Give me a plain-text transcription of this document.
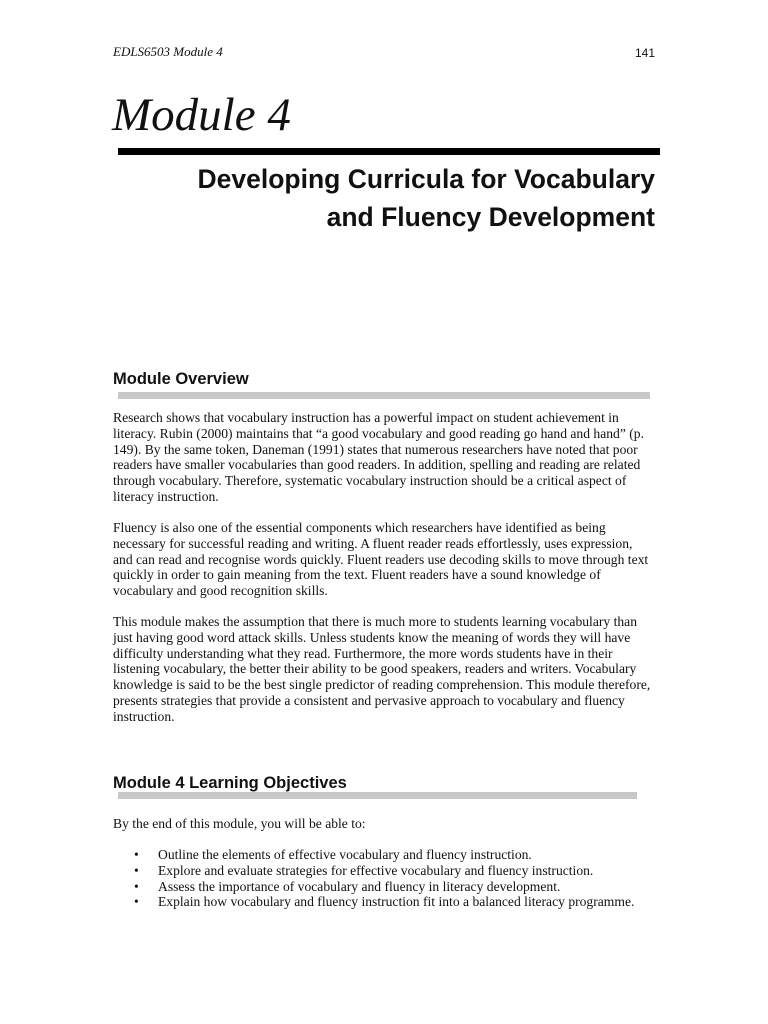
EDLS6503 Module 4	141
Module 4
Developing Curricula for Vocabulary
and Fluency Development
Module Overview

Research shows that vocabulary instruction has a powerful impact on student achievement in literacy. Rubin (2000) maintains that “a good vocabulary and good reading go hand and hand” (p. 149). By the same token, Daneman (1991) states that numerous researchers have noted that poor readers have smaller vocabularies than good readers. In addition, spelling and reading are related through vocabulary. Therefore, systematic vocabulary instruction should be a critical aspect of literacy instruction.

Fluency is also one of the essential components which researchers have identified as being necessary for successful reading and writing. A fluent reader reads effortlessly, uses expression, and can read and recognise words quickly. Fluent readers use decoding skills to move through text quickly in order to gain meaning from the text. Fluent readers have a sound knowledge of vocabulary and good recognition skills.

This module makes the assumption that there is much more to students learning vocabulary than just having good word attack skills. Unless students know the meaning of words they will have difficulty understanding what they read. Furthermore, the more words students have in their listening vocabulary, the better their ability to be good speakers, readers and writers. Vocabulary knowledge is said to be the best single predictor of reading comprehension. This module therefore, presents strategies that provide a consistent and pervasive approach to vocabulary and fluency instruction.

Module 4 Learning Objectives

By the end of this module, you will be able to:

• Outline the elements of effective vocabulary and fluency instruction.
• Explore and evaluate strategies for effective vocabulary and fluency instruction.
• Assess the importance of vocabulary and fluency in literacy development.
• Explain how vocabulary and fluency instruction fit into a balanced literacy programme.
